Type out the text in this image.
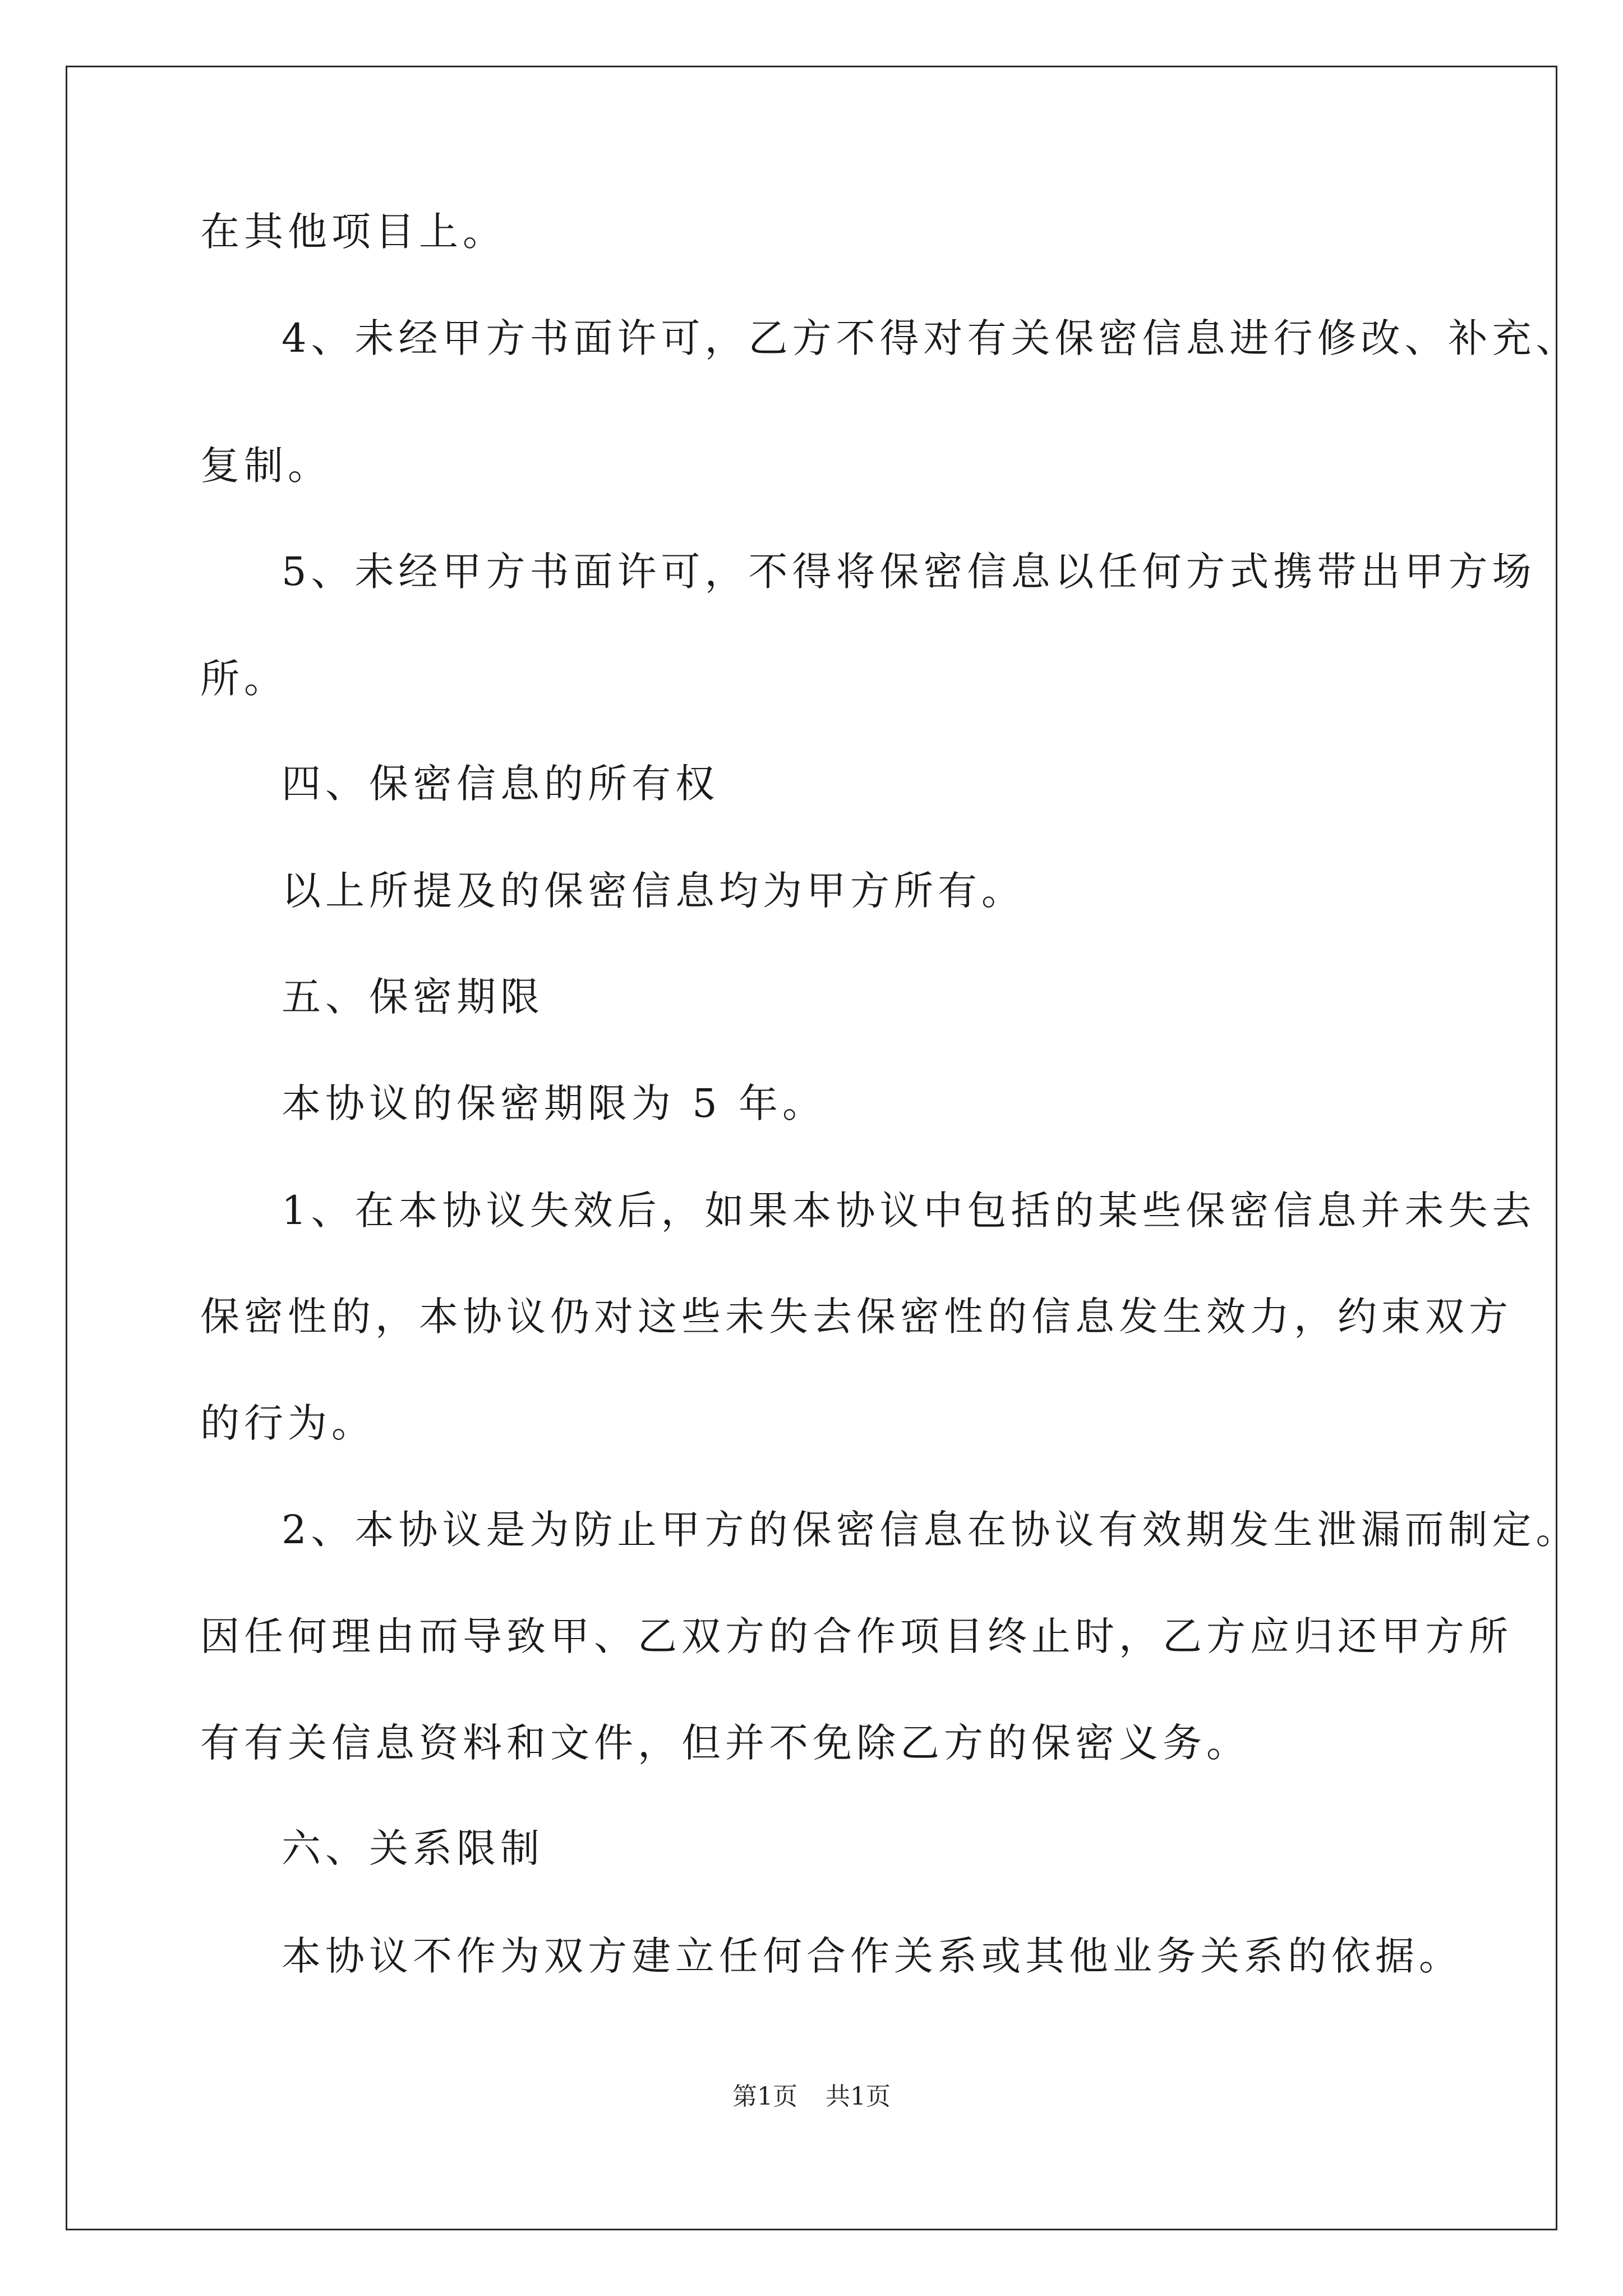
在其他项目上。

4、未经甲方书面许可，乙方不得对有关保密信息进行修改、补充、

复制。

5、未经甲方书面许可，不得将保密信息以任何方式携带出甲方场

所。

四、保密信息的所有权

以上所提及的保密信息均为甲方所有。

五、保密期限

本协议的保密期限为 5 年。

1、在本协议失效后，如果本协议中包括的某些保密信息并未失去

保密性的，本协议仍对这些未失去保密性的信息发生效力，约束双方

的行为。

2、本协议是为防止甲方的保密信息在协议有效期发生泄漏而制定。

因任何理由而导致甲、乙双方的合作项目终止时，乙方应归还甲方所

有有关信息资料和文件，但并不免除乙方的保密义务。

六、关系限制

本协议不作为双方建立任何合作关系或其他业务关系的依据。

第1页 共1页
